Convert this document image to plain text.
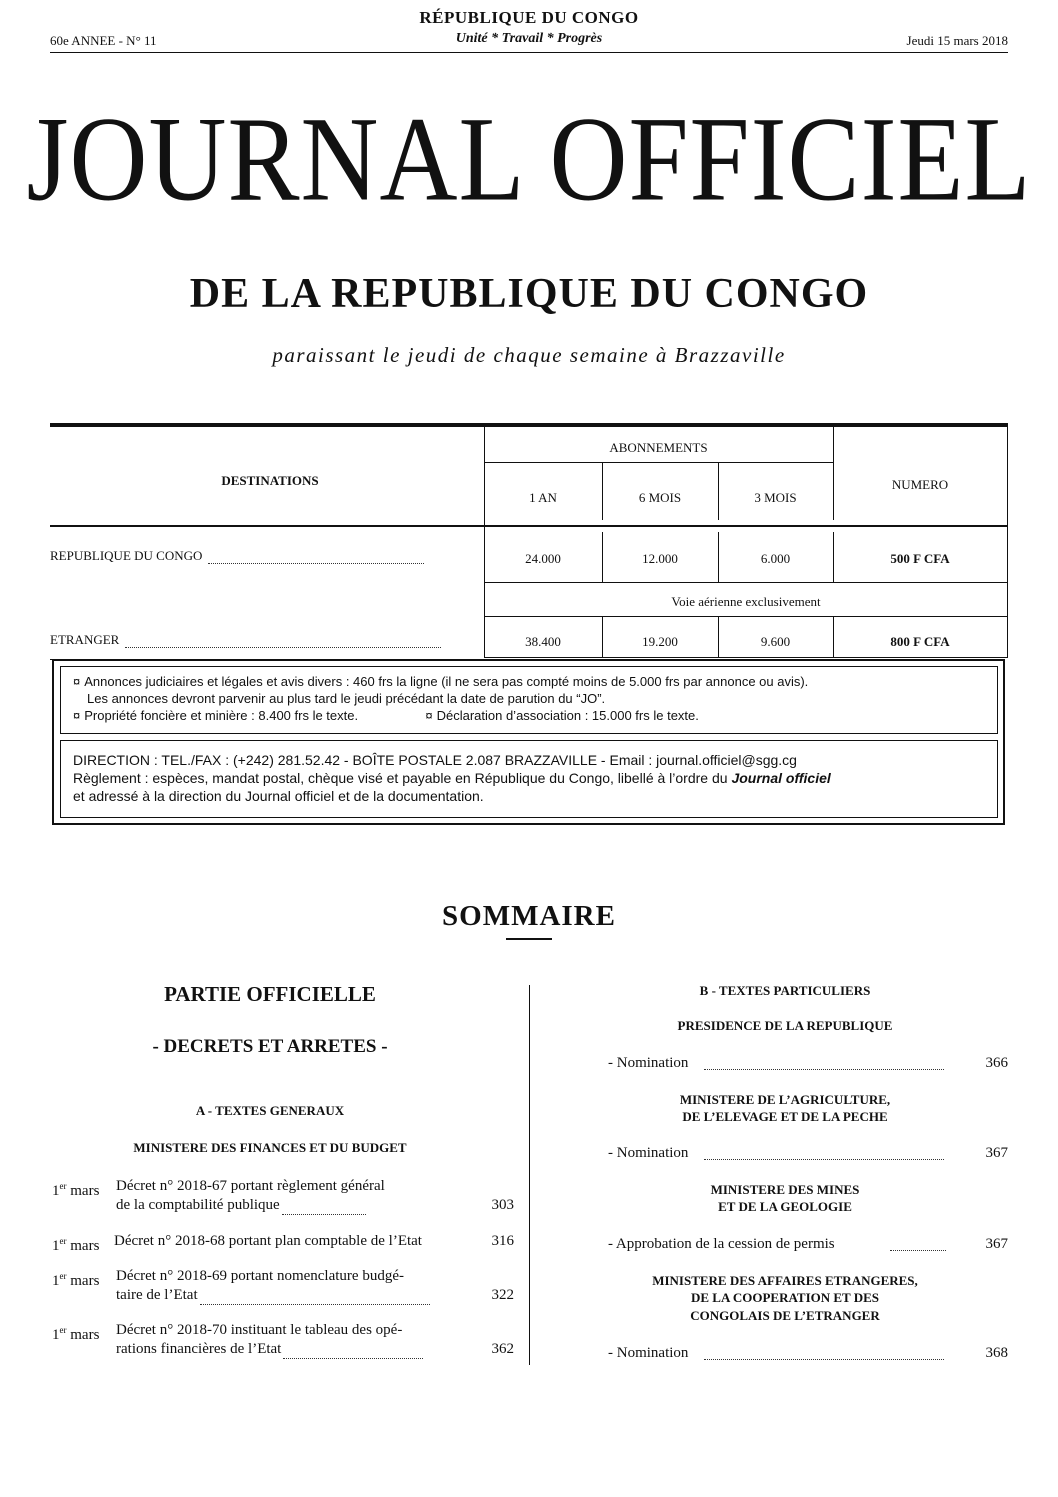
RÉPUBLIQUE DU CONGO
Unité * Travail * Progrès
60e ANNEE - N° 11	Jeudi 15 mars 2018
JOURNAL OFFICIEL
DE LA REPUBLIQUE DU CONGO
paraissant le jeudi de chaque semaine à Brazzaville
DESTINATIONS
ABONNEMENTS
NUMERO
1 AN	6 MOIS	3 MOIS
REPUBLIQUE DU CONGO	24.000	12.000	6.000	500 F CFA
Voie aérienne exclusivement
ETRANGER	38.400	19.200	9.600	800 F CFA
¤ Annonces judiciaires et légales et avis divers : 460 frs la ligne (il ne sera pas compté moins de 5.000 frs par annonce ou avis).
Les annonces devront parvenir au plus tard le jeudi précédant la date de parution du “JO”.
¤ Propriété foncière et minière : 8.400 frs le texte.	¤ Déclaration d’association : 15.000 frs le texte.
DIRECTION : TEL./FAX : (+242) 281.52.42 - BOÎTE POSTALE 2.087 BRAZZAVILLE - Email : journal.officiel@sgg.cg
Règlement : espèces, mandat postal, chèque visé et payable en République du Congo, libellé à l’ordre du Journal officiel
et adressé à la direction du Journal officiel et de la documentation.
SOMMAIRE
PARTIE OFFICIELLE
- DECRETS ET ARRETES -
A - TEXTES GENERAUX
MINISTERE DES FINANCES ET DU BUDGET
1er mars Décret n° 2018-67 portant règlement général
de la comptabilité publique	303
1er mars Décret n° 2018-68 portant plan comptable de l’Etat	316
1er mars Décret n° 2018-69 portant nomenclature budgé-
taire de l’Etat	322
1er mars Décret n° 2018-70 instituant le tableau des opé-
rations financières de l’Etat	362
B - TEXTES PARTICULIERS
PRESIDENCE DE LA REPUBLIQUE
- Nomination	366
MINISTERE DE L’AGRICULTURE,
DE L’ELEVAGE ET DE LA PECHE
- Nomination	367
MINISTERE DES MINES
ET DE LA GEOLOGIE
- Approbation de la cession de permis	367
MINISTERE DES AFFAIRES ETRANGERES,
DE LA COOPERATION ET DES
CONGOLAIS DE L’ETRANGER
- Nomination	368
